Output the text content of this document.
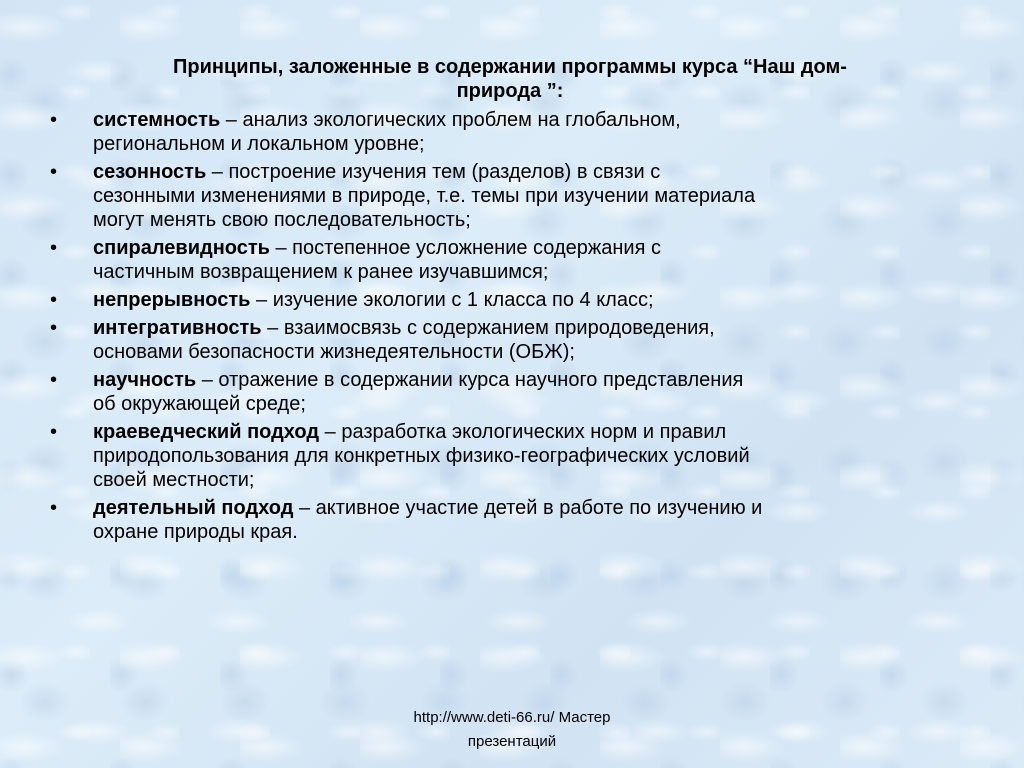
Принципы, заложенные в содержании программы курса “Наш дом-
природа ”:
•	системность – анализ экологических проблем на глобальном,
региональном и локальном уровне;
•	сезонность – построение изучения тем (разделов) в связи с
сезонными изменениями в природе, т.е. темы при изучении материала
могут менять свою последовательность;
•	спиралевидность – постепенное усложнение содержания с
частичным возвращением к ранее изучавшимся;
•	непрерывность – изучение экологии с 1 класса по 4 класс;
•	интегративность – взаимосвязь с содержанием природоведения,
основами безопасности жизнедеятельности (ОБЖ);
•	научность – отражение в содержании курса научного представления
об окружающей среде;
•	краеведческий подход – разработка экологических норм и правил
природопользования для конкретных физико-географических условий
своей местности;
•	деятельный подход – активное участие детей в работе по изучению и
охране природы края.
http://www.deti-66.ru/ Мастер
презентаций
